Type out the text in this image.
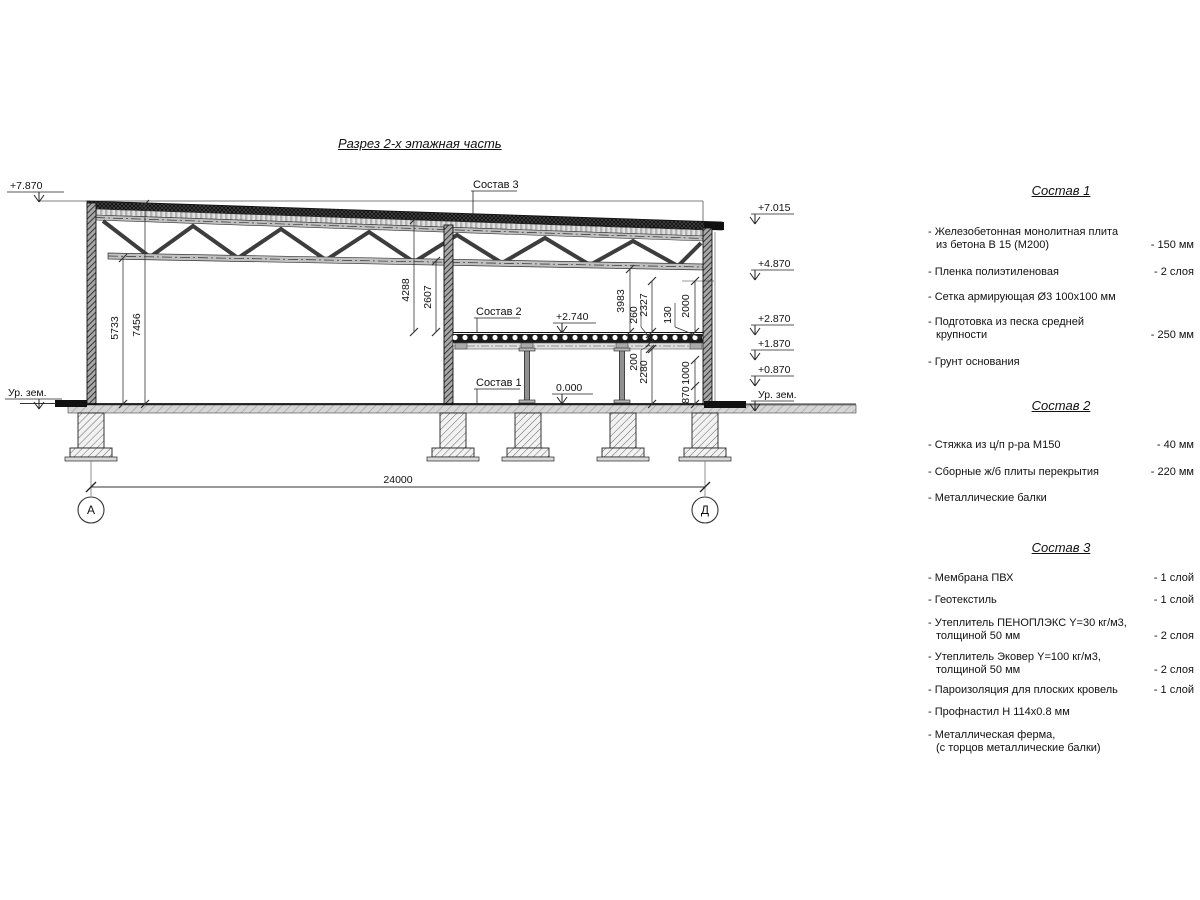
24000
А	Д
5733 7456
4288 2607	3983 2327	2000
2280	1000
870
260 130
200
+7.870
Ур. зем.
+7.015
+4.870
+2.870
+1.870
+0.870
Ур. зем.
+2.740
0.000
Состав 3
Состав 2
Состав 1
Разрез 2-х этажная часть
Состав 1
- Железобетонная монолитная плита
из бетона В 15 (М200)	- 150 мм
- Пленка полиэтиленовая	- 2 слоя
- Сетка армирующая Ø3 100х100 мм
- Подготовка из песка средней
крупности	- 250 мм
- Грунт основания
Состав 2
- Стяжка из ц/п р-ра М150	- 40 мм
- Сборные ж/б плиты перекрытия	- 220 мм
- Металлические балки
Состав 3
- Мембрана ПВХ	- 1 слой
- Геотекстиль	- 1 слой
- Утеплитель ПЕНОПЛЭКС Y=30 кг/м3,
толщиной 50 мм	- 2 слоя
- Утеплитель Эковер Y=100 кг/м3,
толщиной 50 мм	- 2 слоя
- Пароизоляция для плоских кровель	- 1 слой
- Профнастил Н 114х0.8 мм
- Металлическая ферма,
(с торцов металлические балки)
